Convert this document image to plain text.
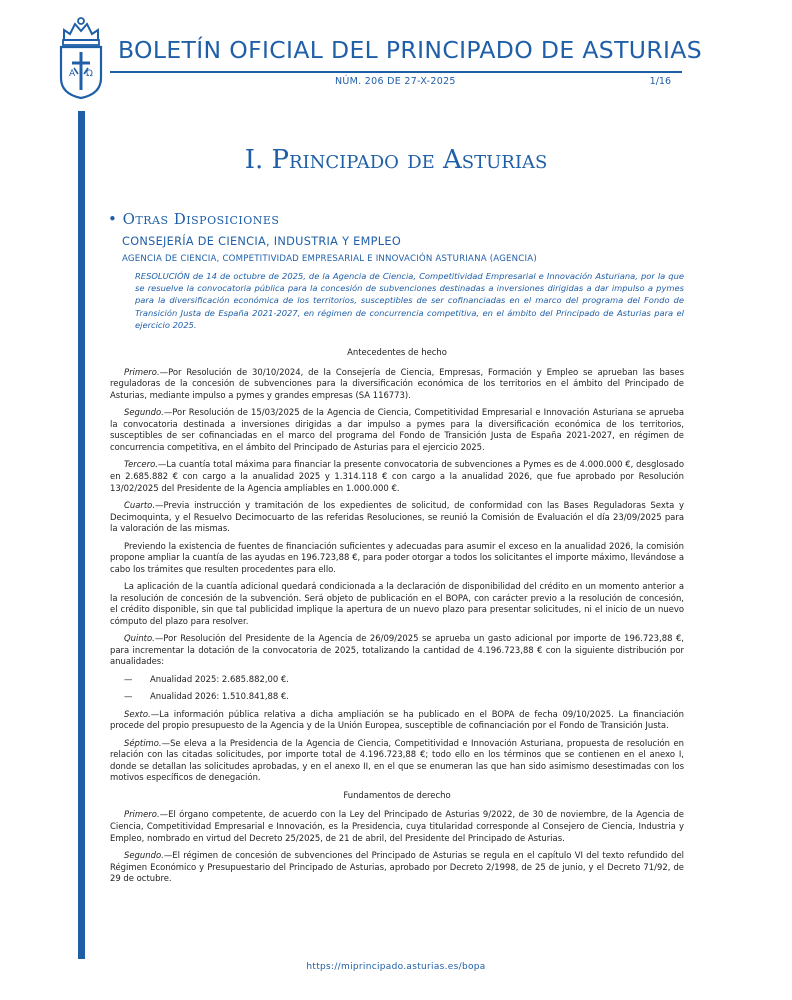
A Ω
BOLETÍN OFICIAL DEL PRINCIPADO DE ASTURIAS
NÚM. 206 DE 27-X-2025	1/16
Cód. 2025-08584
I. Principado de Asturias
• Otras Disposiciones
CONSEJERÍA DE CIENCIA, INDUSTRIA Y EMPLEO
AGENCIA DE CIENCIA, COMPETITIVIDAD EMPRESARIAL E INNOVACIÓN ASTURIANA (AGENCIA)
RESOLUCIÓN de 14 de octubre de 2025, de la Agencia de Ciencia, Competitividad Empresarial e Innovación Asturiana, por la que se resuelve la convocatoria pública para la concesión de subvenciones destinadas a inversiones dirigidas a dar impulso a pymes para la diversificación económica de los territorios, susceptibles de ser cofinanciadas en el marco del programa del Fondo de Transición Justa de España 2021-2027, en régimen de concurrencia competitiva, en el ámbito del Principado de Asturias para el ejercicio 2025.

Antecedentes de hecho

Primero.—Por Resolución de 30/10/2024, de la Consejería de Ciencia, Empresas, Formación y Empleo se aprueban las bases reguladoras de la concesión de subvenciones para la diversificación económica de los territorios en el ámbito del Principado de Asturias, mediante impulso a pymes y grandes empresas (SA 116773).

Segundo.—Por Resolución de 15/03/2025 de la Agencia de Ciencia, Competitividad Empresarial e Innovación Asturiana se aprueba la convocatoria destinada a inversiones dirigidas a dar impulso a pymes para la diversificación económica de los territorios, susceptibles de ser cofinanciadas en el marco del programa del Fondo de Transición Justa de España 2021-2027, en régimen de concurrencia competitiva, en el ámbito del Principado de Asturias para el ejercicio 2025.

Tercero.—La cuantía total máxima para financiar la presente convocatoria de subvenciones a Pymes es de 4.000.000 €, desglosado en 2.685.882 € con cargo a la anualidad 2025 y 1.314.118 € con cargo a la anualidad 2026, que fue aprobado por Resolución 13/02/2025 del Presidente de la Agencia ampliables en 1.000.000 €.

Cuarto.—Previa instrucción y tramitación de los expedientes de solicitud, de conformidad con las Bases Reguladoras Sexta y Decimoquinta, y el Resuelvo Decimocuarto de las referidas Resoluciones, se reunió la Comisión de Evaluación el día 23/09/2025 para la valoración de las mismas.

Previendo la existencia de fuentes de financiación suficientes y adecuadas para asumir el exceso en la anualidad 2026, la comisión propone ampliar la cuantía de las ayudas en 196.723,88 €, para poder otorgar a todos los solicitantes el importe máximo, llevándose a cabo los trámites que resulten procedentes para ello.

La aplicación de la cuantía adicional quedará condicionada a la declaración de disponibilidad del crédito en un momento anterior a la resolución de concesión de la subvención. Será objeto de publicación en el BOPA, con carácter previo a la resolución de concesión, el crédito disponible, sin que tal publicidad implique la apertura de un nuevo plazo para presentar solicitudes, ni el inicio de un nuevo cómputo del plazo para resolver.

Quinto.—Por Resolución del Presidente de la Agencia de 26/09/2025 se aprueba un gasto adicional por importe de 196.723,88 €, para incrementar la dotación de la convocatoria de 2025, totalizando la cantidad de 4.196.723,88 € con la siguiente distribución por anualidades:

— Anualidad 2025: 2.685.882,00 €.

— Anualidad 2026: 1.510.841,88 €.

Sexto.—La información pública relativa a dicha ampliación se ha publicado en el BOPA de fecha 09/10/2025. La financiación procede del propio presupuesto de la Agencia y de la Unión Europea, susceptible de cofinanciación por el Fondo de Transición Justa.

Séptimo.—Se eleva a la Presidencia de la Agencia de Ciencia, Competitividad e Innovación Asturiana, propuesta de resolución en relación con las citadas solicitudes, por importe total de 4.196.723,88 €; todo ello en los términos que se contienen en el anexo I, donde se detallan las solicitudes aprobadas, y en el anexo II, en el que se enumeran las que han sido asimismo desestimadas con los motivos específicos de denegación.

Fundamentos de derecho

Primero.—El órgano competente, de acuerdo con la Ley del Principado de Asturias 9/2022, de 30 de noviembre, de la Agencia de Ciencia, Competitividad Empresarial e Innovación, es la Presidencia, cuya titularidad corresponde al Consejero de Ciencia, Industria y Empleo, nombrado en virtud del Decreto 25/2025, de 21 de abril, del Presidente del Principado de Asturias.

Segundo.—El régimen de concesión de subvenciones del Principado de Asturias se regula en el capítulo VI del texto refundido del Régimen Económico y Presupuestario del Principado de Asturias, aprobado por Decreto 2/1998, de 25 de junio, y el Decreto 71/92, de 29 de octubre.

https://miprincipado.asturias.es/bopa
